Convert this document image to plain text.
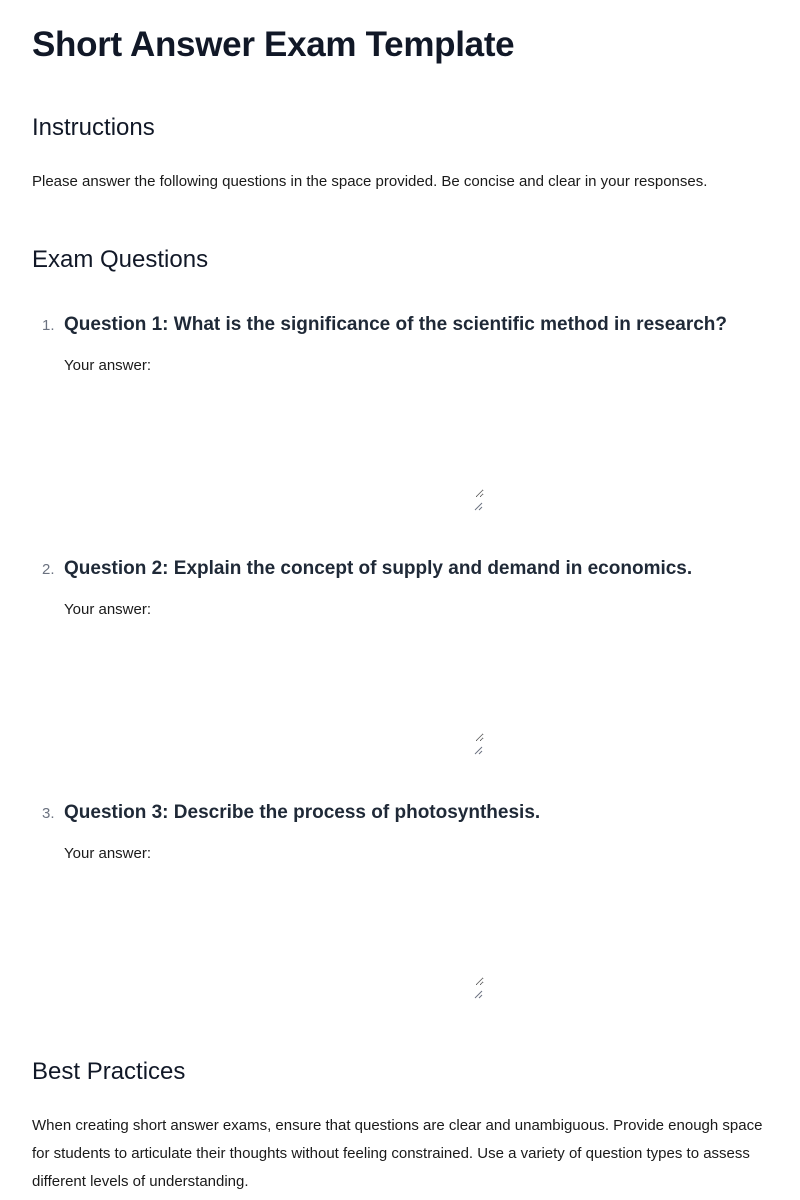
Short Answer Exam Template
Instructions

Please answer the following questions in the space provided. Be concise and clear in your responses.

Exam Questions
1. Question 1: What is the significance of the scientific method in research?
Your answer:
2. Question 2: Explain the concept of supply and demand in economics.
Your answer:
3. Question 3: Describe the process of photosynthesis.
Your answer:
Best Practices

When creating short answer exams, ensure that questions are clear and unambiguous. Provide enough space for students to articulate their thoughts without feeling constrained. Use a variety of question types to assess different levels of understanding.
